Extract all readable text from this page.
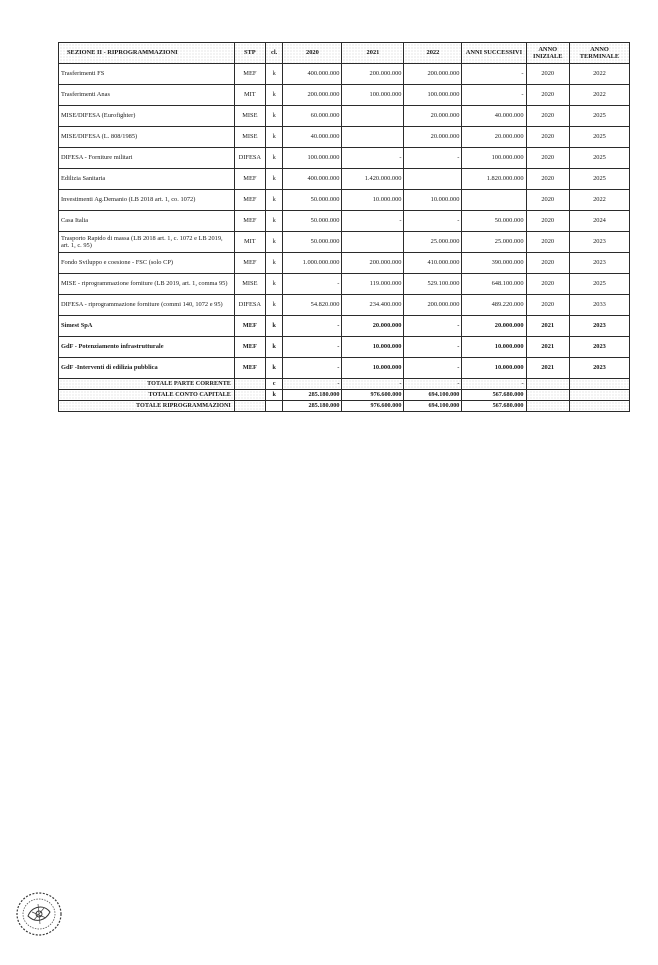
SEZIONE II - RIPROGRAMMAZIONI	STP	cl.	2020	2021	2022	ANNI SUCCESSIVI	ANNO INIZIALE	ANNO TERMINALE
Trasferimenti FS	MEF	k	400.000.000	200.000.000	200.000.000	-	2020	2022
Trasferimenti Anas	MIT	k	200.000.000	100.000.000	100.000.000	-	2020	2022
MISE/DIFESA (Eurofighter)	MISE	k	60.000.000		20.000.000	40.000.000	2020	2025
MISE/DIFESA (L. 808/1985)	MISE	k	40.000.000		20.000.000	20.000.000	2020	2025
DIFESA - Forniture militari	DIFESA	k	100.000.000	-	-	100.000.000	2020	2025
Edilizia Sanitaria	MEF	k	400.000.000	1.420.000.000		1.820.000.000	2020	2025
Investimenti Ag.Demanio (LB 2018 art. 1, co. 1072)	MEF	k	50.000.000	10.000.000	10.000.000		2020	2022
Casa Italia	MEF	k	50.000.000	-	-	50.000.000	2020	2024
Trasporto Rapido di massa (LB 2018 art. 1, c. 1072 e LB 2019, art. 1, c. 95)	MIT	k	50.000.000		25.000.000	25.000.000	2020	2023
Fondo Sviluppo e coesione - FSC (solo CP)	MEF	k	1.000.000.000	200.000.000	410.000.000	390.000.000	2020	2023
MISE - riprogrammazione forniture (LB 2019, art. 1, comma 95)	MISE	k	-	119.000.000	529.100.000	648.100.000	2020	2025
DIFESA - riprogrammazione forniture (commi 140, 1072 e 95)	DIFESA	k	54.820.000	234.400.000	200.000.000	489.220.000	2020	2033
Simest SpA	MEF	k	-	20.000.000	-	20.000.000	2021	2023
GdF - Potenziamento infrastrutturale	MEF	k	-	10.000.000	-	10.000.000	2021	2023
GdF -Interventi di edilizia pubblica	MEF	k	-	10.000.000	-	10.000.000	2021	2023
TOTALE PARTE CORRENTE		c	-	-	-	-		
TOTALE CONTO CAPITALE		k	285.180.000	976.600.000	694.100.000	567.680.000		
TOTALE RIPROGRAMMAZIONI			285.180.000	976.600.000	694.100.000	567.680.000		
